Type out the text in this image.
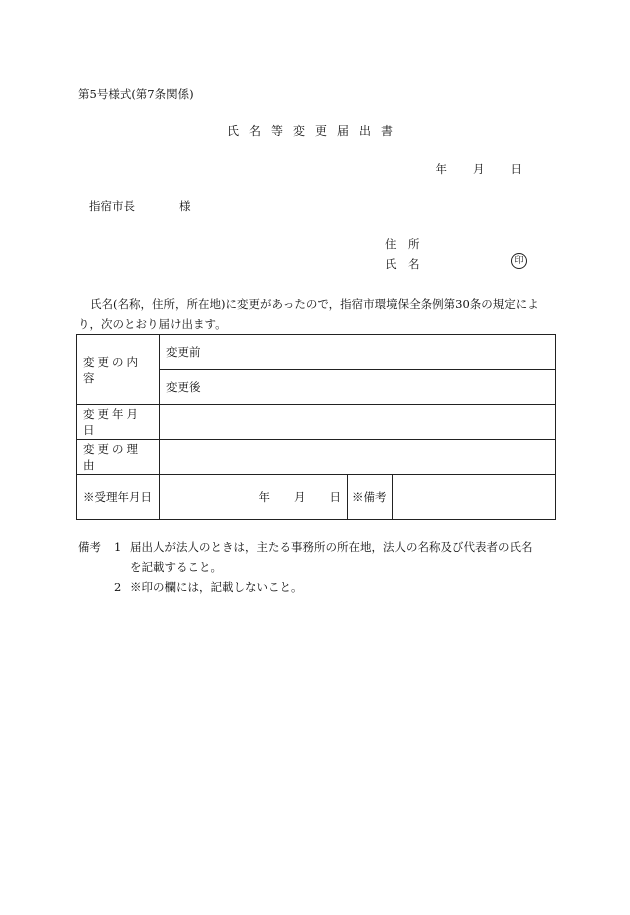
第5号様式(第7条関係)
氏名等変更届出書
年 月 日
指宿市長	様
住　所
氏　名	印

氏名(名称，住所，所在地)に変更があったので，指宿市環境保全条例第30条の規定によ

り，次のとおり届け出ます。

変更の内容	変更前		
	変更後		
変更年月日			
変更の理由			
※受理年月日	年 月 日	※備考	
備考	1 届出人が法人のときは，主たる事務所の所在地，法人の名称及び代表者の氏名
を記載すること。
2 ※印の欄には，記載しないこと。
